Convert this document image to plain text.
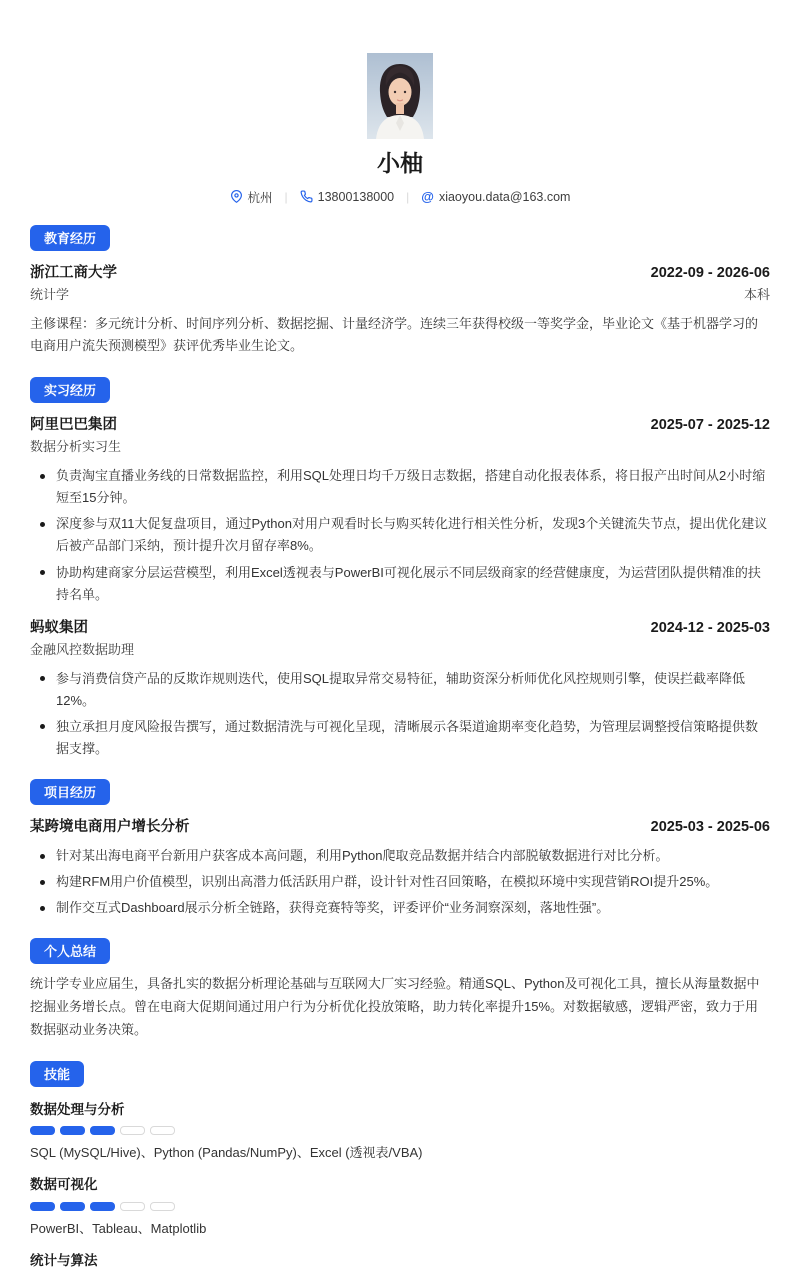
小柚
杭州 | 13800138000 | @ xiaoyou.data@163.com
教育经历
浙江工商大学	2022-09 - 2026-06
统计学	本科
主修课程：多元统计分析、时间序列分析、数据挖掘、计量经济学。连续三年获得校级一等奖学金，毕业论文《基于机器学习的电商用户流失预测模型》获评优秀毕业生论文。
实习经历
阿里巴巴集团	2025-07 - 2025-12
数据分析实习生
负责淘宝直播业务线的日常数据监控，利用SQL处理日均千万级日志数据，搭建自动化报表体系，将日报产出时间从2小时缩短至15分钟。
深度参与双11大促复盘项目，通过Python对用户观看时长与购买转化进行相关性分析，发现3个关键流失节点，提出优化建议后被产品部门采纳，预计提升次月留存率8%。
协助构建商家分层运营模型，利用Excel透视表与PowerBI可视化展示不同层级商家的经营健康度，为运营团队提供精准的扶持名单。
蚂蚁集团	2024-12 - 2025-03
金融风控数据助理
参与消费信贷产品的反欺诈规则迭代，使用SQL提取异常交易特征，辅助资深分析师优化风控规则引擎，使误拦截率降低12%。
独立承担月度风险报告撰写，通过数据清洗与可视化呈现，清晰展示各渠道逾期率变化趋势，为管理层调整授信策略提供数据支撑。
项目经历
某跨境电商用户增长分析	2025-03 - 2025-06
针对某出海电商平台新用户获客成本高问题，利用Python爬取竞品数据并结合内部脱敏数据进行对比分析。
构建RFM用户价值模型，识别出高潜力低活跃用户群，设计针对性召回策略，在模拟环境中实现营销ROI提升25%。
制作交互式Dashboard展示分析全链路，获得竞赛特等奖，评委评价“业务洞察深刻，落地性强”。
个人总结
统计学专业应届生，具备扎实的数据分析理论基础与互联网大厂实习经验。精通SQL、Python及可视化工具，擅长从海量数据中挖掘业务增长点。曾在电商大促期间通过用户行为分析优化投放策略，助力转化率提升15%。对数据敏感，逻辑严密，致力于用数据驱动业务决策。
技能
数据处理与分析
SQL (MySQL/Hive)、Python (Pandas/NumPy)、Excel (透视表/VBA)
数据可视化
PowerBI、Tableau、Matplotlib
统计与算法
